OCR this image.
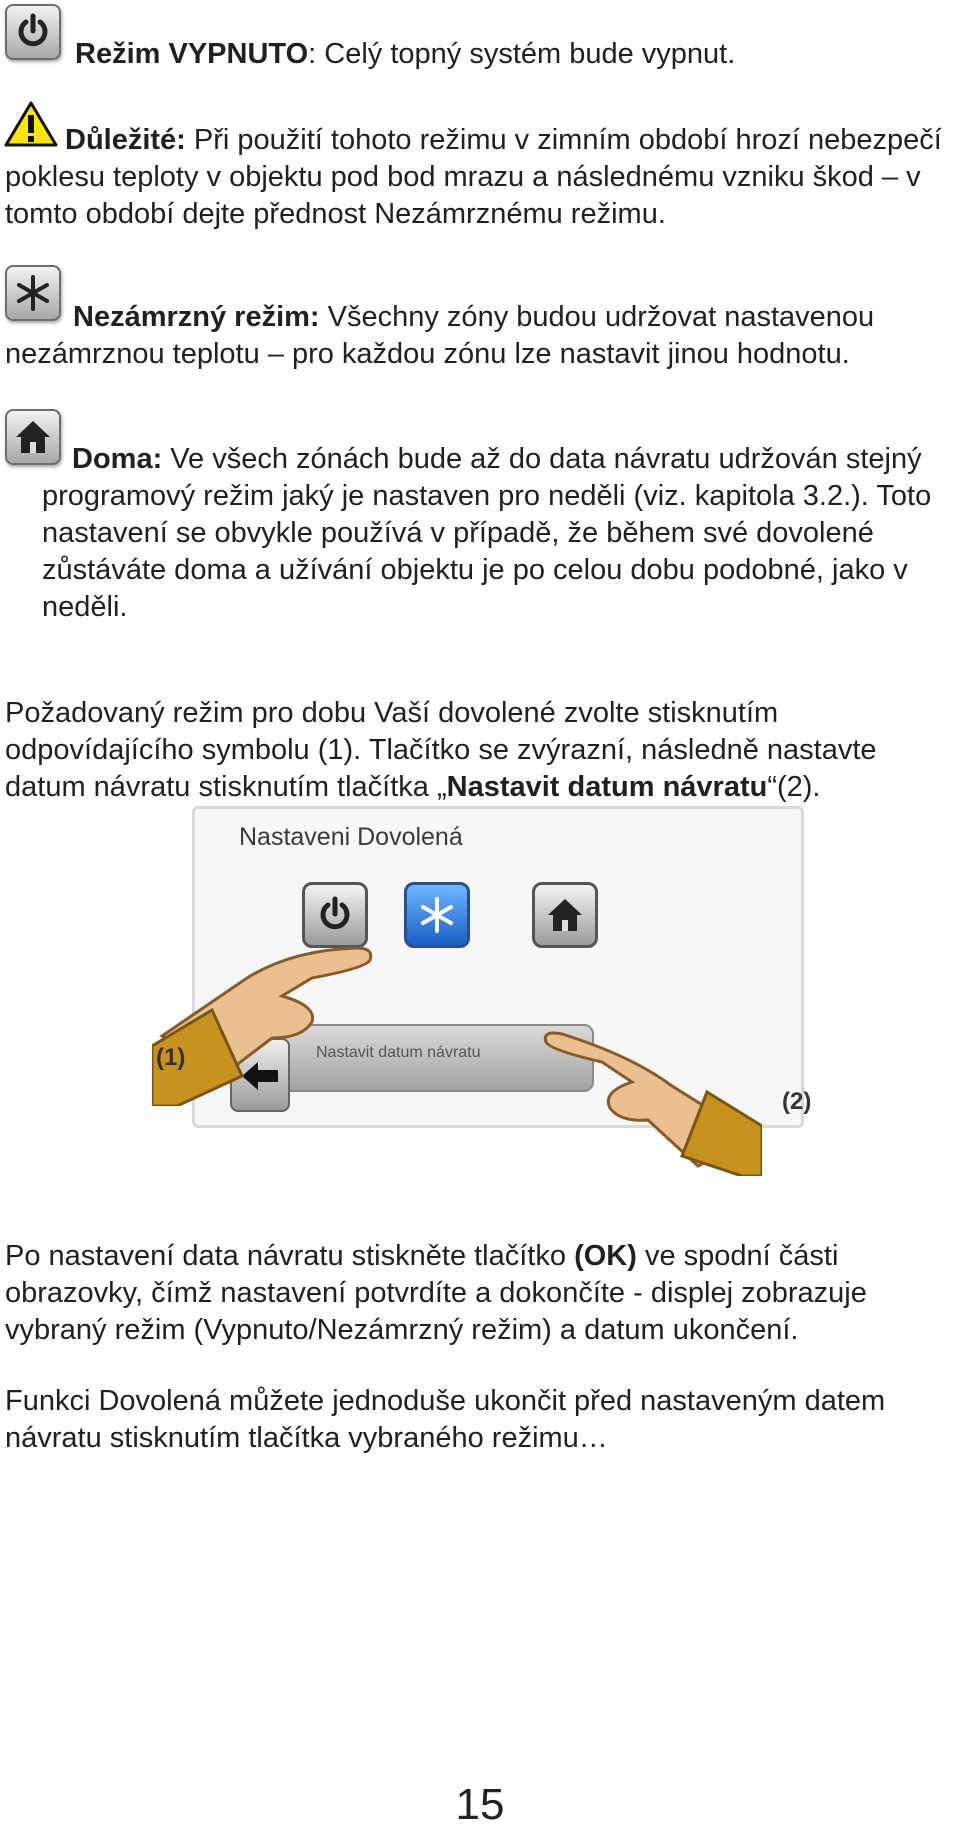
Režim VYPNUTO: Celý topný systém bude vypnut.

Důležité: Při použití tohoto režimu v zimním období hrozí nebezpečí poklesu teploty v objektu pod bod mrazu a následnému vzniku škod – v tomto období dejte přednost Nezámrznému režimu.

Nezámrzný režim: Všechny zóny budou udržovat nastavenou nezámrznou teplotu – pro každou zónu lze nastavit jinou hodnotu.

Doma: Ve všech zónách bude až do data návratu udržován stejný programový režim jaký je nastaven pro neděli (viz. kapitola 3.2.). Toto nastavení se obvykle používá v případě, že během své dovolené zůstáváte doma a užívání objektu je po celou dobu podobné, jako v neděli.

Požadovaný režim pro dobu Vaší dovolené zvolte stisknutím odpovídajícího symbolu (1). Tlačítko se zvýrazní, následně nastavte datum návratu stisknutím tlačítka „Nastavit datum návratu“(2).

Nastaveni Dovolená
Nastavit datum návratu
(1)
(2)

Po nastavení data návratu stiskněte tlačítko (OK) ve spodní části obrazovky, čímž nastavení potvrdíte a dokončíte - displej zobrazuje vybraný režim (Vypnuto/Nezámrzný režim) a datum ukončení.

Funkci Dovolená můžete jednoduše ukončit před nastaveným datem návratu stisknutím tlačítka vybraného režimu…

15
